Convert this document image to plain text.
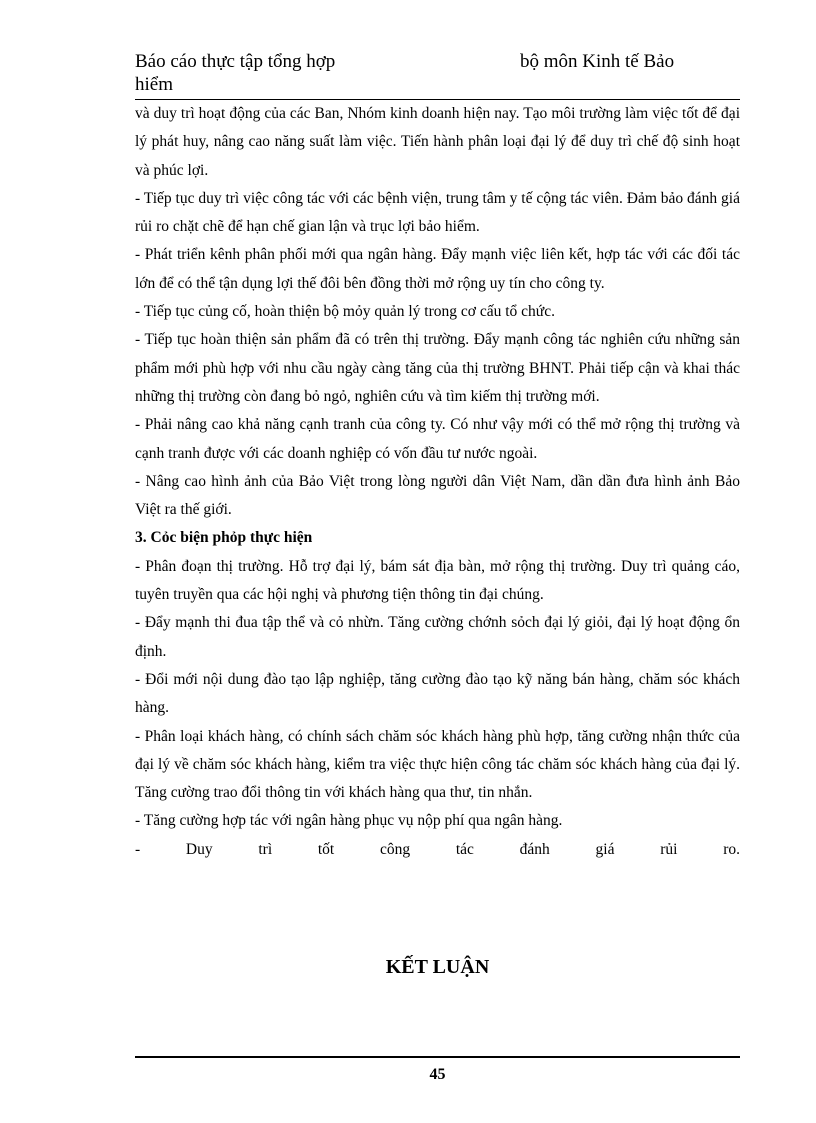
Báo cáo thực tập tổng hợp
hiểm
bộ môn Kinh tế Bảo

và duy trì hoạt động của các Ban, Nhóm kinh doanh hiện nay. Tạo môi trường làm việc tốt để đại lý phát huy, nâng cao năng suất làm việc. Tiến hành phân loại đại lý để duy trì chế độ sinh hoạt và phúc lợi.

- Tiếp tục duy trì việc công tác với các bệnh viện, trung tâm y tế cộng tác viên. Đảm bảo đánh giá rủi ro chặt chẽ để hạn chế gian lận và trục lợi bảo hiểm.

- Phát triển kênh phân phối mới qua ngân hàng. Đẩy mạnh việc liên kết, hợp tác với các đối tác lớn để có thể tận dụng lợi thế đôi bên đồng thời mở rộng uy tín cho công ty.

- Tiếp tục củng cố, hoàn thiện bộ mỏy quản lý trong cơ cấu tổ chức.

- Tiếp tục hoàn thiện sản phẩm đã có trên thị trường. Đẩy mạnh công tác nghiên cứu những sản phẩm mới phù hợp với nhu cầu ngày càng tăng của thị trường BHNT. Phải tiếp cận và khai thác những thị trường còn đang bỏ ngỏ, nghiên cứu và tìm kiếm thị trường mới.

- Phải nâng cao khả năng cạnh tranh của công ty. Có như vậy mới có thể mở rộng thị trường và cạnh tranh được với các doanh nghiệp có vốn đầu tư nước ngoài.

- Nâng cao hình ảnh của Bảo Việt trong lòng người dân Việt Nam, dần dần đưa hình ảnh Bảo Việt ra thế giới.

3. Cỏc biện phỏp thực hiện

- Phân đoạn thị trường. Hỗ trợ đại lý, bám sát địa bàn, mở rộng thị trường. Duy trì quảng cáo, tuyên truyền qua các hội nghị và phương tiện thông tin đại chúng.

- Đẩy mạnh thi đua tập thể và cỏ nhừn. Tăng cường chớnh sỏch đại lý giỏi, đại lý hoạt động ổn định.

- Đổi mới nội dung đào tạo lập nghiệp, tăng cường đào tạo kỹ năng bán hàng, chăm sóc khách hàng.

- Phân loại khách hàng, có chính sách chăm sóc khách hàng phù hợp, tăng cường nhận thức của đại lý về chăm sóc khách hàng, kiểm tra việc thực hiện công tác chăm sóc khách hàng của đại lý. Tăng cường trao đổi thông tin với khách hàng qua thư, tin nhắn.

- Tăng cường hợp tác với ngân hàng phục vụ nộp phí qua ngân hàng.

- Duy trì tốt công tác đánh giá rủi ro.

KẾT LUẬN
45
